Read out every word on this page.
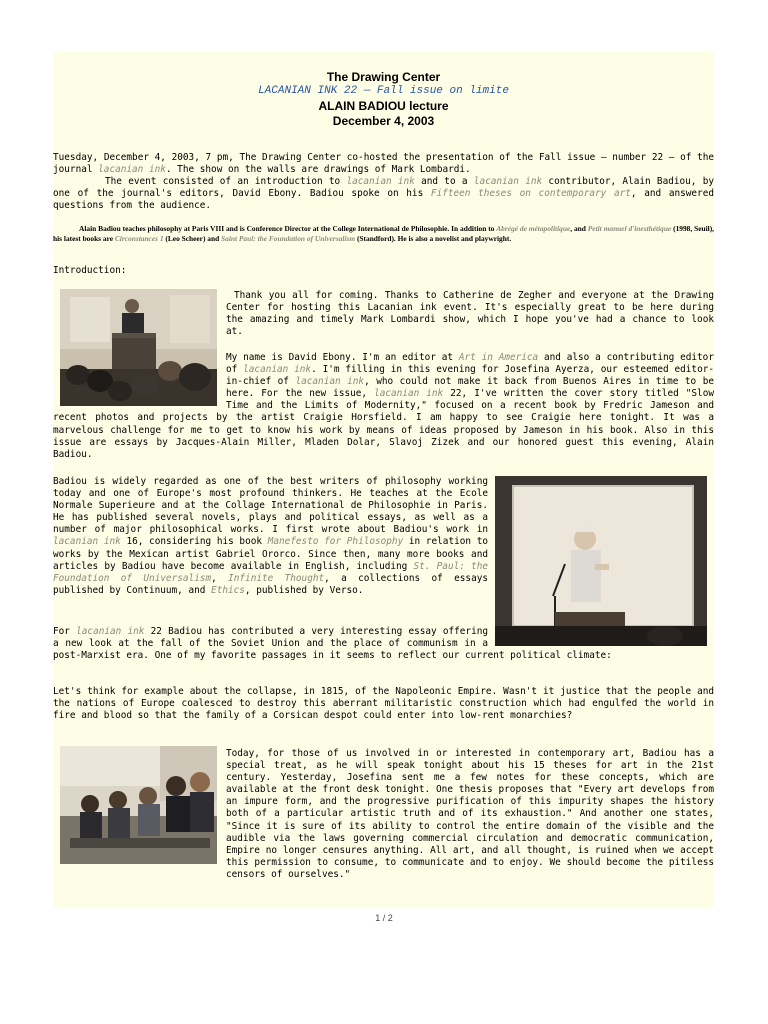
The Drawing Center
LACANIAN INK 22 — Fall issue on limite
ALAIN BADIOU lecture
December 4, 2003

Tuesday, December 4, 2003, 7 pm, The Drawing Center co-hosted the presentation of the Fall issue — number 22 — of the journal lacanian ink. The show on the walls are drawings of Mark Lombardi.
The event consisted of an introduction to lacanian ink and to a lacanian ink contributor, Alain Badiou, by one of the journal's editors, David Ebony. Badiou spoke on his Fifteen theses on contemporary art, and answered questions from the audience.

Alain Badiou teaches philosophy at Paris VIII and is Conference Director at the College International de Philosophie. In addition to Abrégé de métapolitique, and Petit manuel d'inesthétique (1998, Seuil), his latest books are Circonstances 1 (Leo Scheer) and Saint Paul: the Foundation of Universalism (Standford). He is also a novelist and playwright.

Introduction:

Thank you all for coming. Thanks to Catherine de Zegher and everyone at the Drawing Center for hosting this Lacanian ink event. It's especially great to be here during the amazing and timely Mark Lombardi show, which I hope you've had a chance to look at.

My name is David Ebony. I'm an editor at Art in America and also a contributing editor of lacanian ink. I'm filling in this evening for Josefina Ayerza, our esteemed editor-in-chief of lacanian ink, who could not make it back from Buenos Aires in time to be here. For the new issue, lacanian ink 22, I've written the cover story titled "Slow Time and the Limits of Modernity," focused on a recent book by Fredric Jameson and recent photos and projects by the artist Craigie Horsfield. I am happy to see Craigie here tonight. It was a marvelous challenge for me to get to know his work by means of ideas proposed by Jameson in his book. Also in this issue are essays by Jacques-Alain Miller, Mladen Dolar, Slavoj Zizek and our honored guest this evening, Alain Badiou.

Badiou is widely regarded as one of the best writers of philosophy working today and one of Europe's most profound thinkers. He teaches at the Ecole Normale Superieure and at the Collage International de Philosophie in Paris. He has published several novels, plays and political essays, as well as a number of major philosophical works. I first wrote about Badiou's work in lacanian ink 16, considering his book Manefesto for Philosophy in relation to works by the Mexican artist Gabriel Ororco. Since then, many more books and articles by Badiou have become available in English, including St. Paul: the Foundation of Universalism, Infinite Thought, a collections of essays published by Continuum, and Ethics, published by Verso.

For lacanian ink 22 Badiou has contributed a very interesting essay offering a new look at the fall of the Soviet Union and the place of communism in a post-Marxist era. One of my favorite passages in it seems to reflect our current political climate:

Let's think for example about the collapse, in 1815, of the Napoleonic Empire. Wasn't it justice that the people and the nations of Europe coalesced to destroy this aberrant militaristic construction which had engulfed the world in fire and blood so that the family of a Corsican despot could enter into low-rent monarchies?

Today, for those of us involved in or interested in contemporary art, Badiou has a special treat, as he will speak tonight about his 15 theses for art in the 21st century. Yesterday, Josefina sent me a few notes for these concepts, which are available at the front desk tonight. One thesis proposes that "Every art develops from an impure form, and the progressive purification of this impurity shapes the history both of a particular artistic truth and of its exhaustion." And another one states, "Since it is sure of its ability to control the entire domain of the visible and the audible via the laws governing commercial circulation and democratic communication, Empire no longer censures anything. All art, and all thought, is ruined when we accept this permission to consume, to communicate and to enjoy. We should become the pitiless censors of ourselves."

1 / 2
